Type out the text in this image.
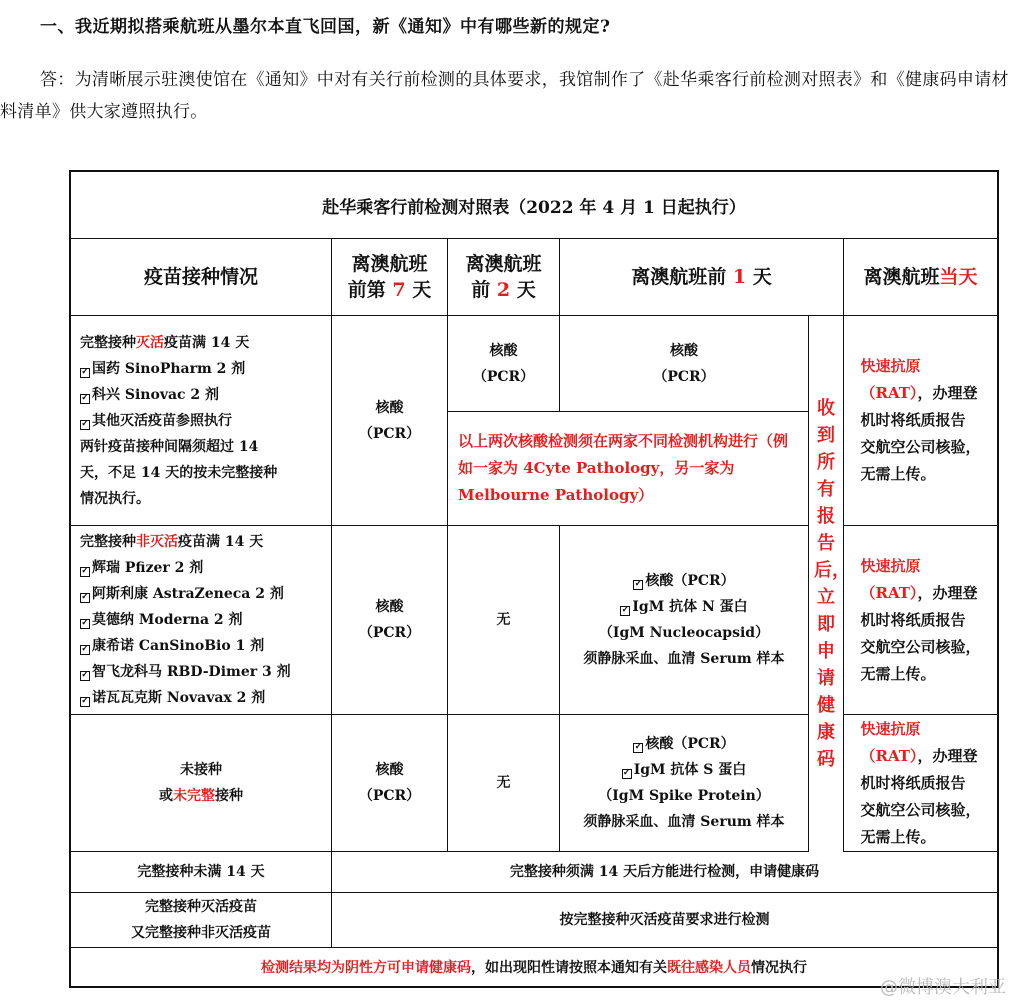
一、我近期拟搭乘航班从墨尔本直飞回国，新《通知》中有哪些新的规定?
答：为清晰展示驻澳使馆在《通知》中对有关行前检测的具体要求，我馆制作了《赴华乘客行前检测对照表》和《健康码申请材料清单》供大家遵照执行。
赴华乘客行前检测对照表（2022 年 4 月 1 日起执行）
疫苗接种情况
离澳航班
前第 7 天
离澳航班
前 2 天
离澳航班前 1 天	离澳航班当天
完整接种灭活疫苗满 14 天
✓ 国药 SinoPharm 2 剂
✓ 科兴 Sinovac 2 剂
✓ 其他灭活疫苗参照执行
两针疫苗接种间隔须超过 14
天，不足 14 天的按未完整接种
情况执行。
核酸
（PCR）
核酸
（PCR）
核酸
（PCR）
以上两次核酸检测须在两家不同检测机构进行（例如一家为 4Cyte Pathology，另一家为 Melbourne Pathology）
收到所有报告后，立即申请健康码
快速抗原
（RAT），办理登
机时将纸质报告
交航空公司核验，
无需上传。
完整接种非灭活疫苗满 14 天
✓ 辉瑞 Pfizer 2 剂
✓ 阿斯利康 AstraZeneca 2 剂
✓ 莫德纳 Moderna 2 剂
✓ 康希诺 CanSinoBio 1 剂
✓ 智飞龙科马 RBD-Dimer 3 剂
✓ 诺瓦瓦克斯 Novavax 2 剂
核酸
（PCR）
无
✓ 核酸（PCR）
✓ IgM 抗体 N 蛋白
（IgM Nucleocapsid）
须静脉采血、血清 Serum 样本
快速抗原
（RAT），办理登
机时将纸质报告
交航空公司核验，
无需上传。
未接种
或未完整接种
核酸
（PCR）
无
✓ 核酸（PCR）
✓ IgM 抗体 S 蛋白
（IgM Spike Protein）
须静脉采血、血清 Serum 样本
快速抗原
（RAT），办理登
机时将纸质报告
交航空公司核验，
无需上传。
完整接种未满 14 天	完整接种须满 14 天后方能进行检测，申请健康码
完整接种灭活疫苗
又完整接种非灭活疫苗
按完整接种灭活疫苗要求进行检测
检测结果均为阴性方可申请健康码，如出现阳性请按照本通知有关既往感染人员情况执行
@微博澳大利亚
